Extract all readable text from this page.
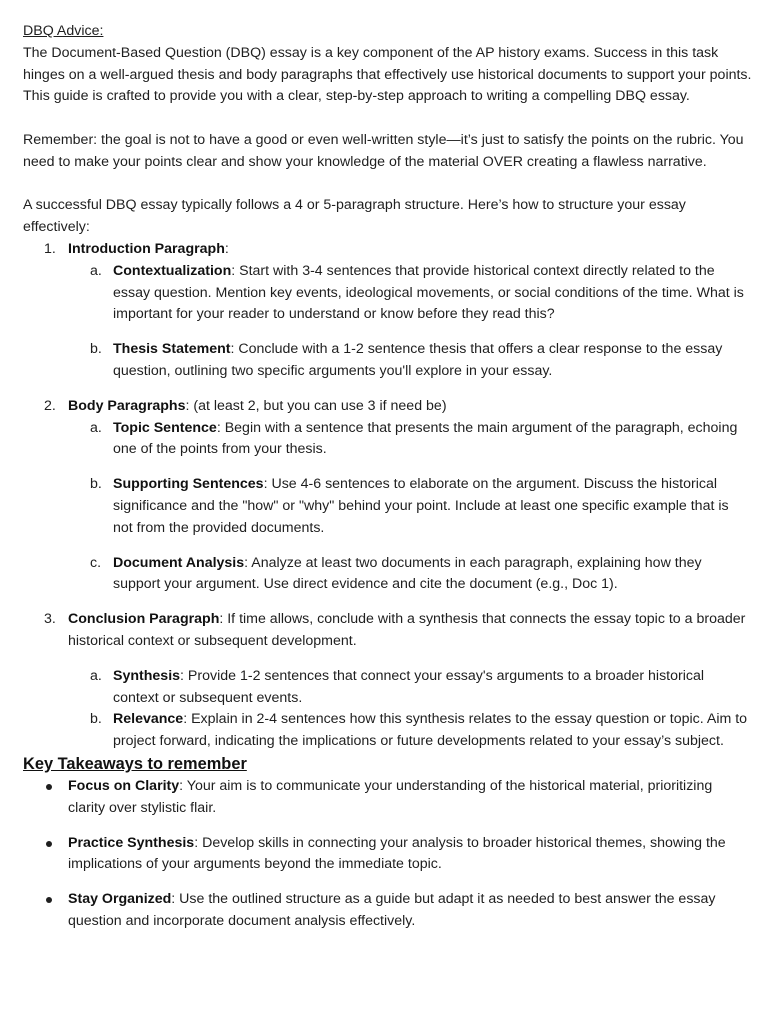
DBQ Advice:

The Document-Based Question (DBQ) essay is a key component of the AP history exams. Success in this task hinges on a well-argued thesis and body paragraphs that effectively use historical documents to support your points. This guide is crafted to provide you with a clear, step-by-step approach to writing a compelling DBQ essay.

Remember: the goal is not to have a good or even well-written style—it’s just to satisfy the points on the rubric. You need to make your points clear and show your knowledge of the material OVER creating a flawless narrative.

A successful DBQ essay typically follows a 4 or 5-paragraph structure. Here’s how to structure your essay effectively:

1. Introduction Paragraph:
a. Contextualization: Start with 3-4 sentences that provide historical context directly related to the essay question. Mention key events, ideological movements, or social conditions of the time. What is important for your reader to understand or know before they read this?
b. Thesis Statement: Conclude with a 1-2 sentence thesis that offers a clear response to the essay question, outlining two specific arguments you'll explore in your essay.
2. Body Paragraphs: (at least 2, but you can use 3 if need be)
a. Topic Sentence: Begin with a sentence that presents the main argument of the paragraph, echoing one of the points from your thesis.
b. Supporting Sentences: Use 4-6 sentences to elaborate on the argument. Discuss the historical significance and the "how" or "why" behind your point. Include at least one specific example that is not from the provided documents.
c. Document Analysis: Analyze at least two documents in each paragraph, explaining how they support your argument. Use direct evidence and cite the document (e.g., Doc 1).
3. Conclusion Paragraph: If time allows, conclude with a synthesis that connects the essay topic to a broader historical context or subsequent development.
a. Synthesis: Provide 1-2 sentences that connect your essay's arguments to a broader historical context or subsequent events.
b. Relevance: Explain in 2-4 sentences how this synthesis relates to the essay question or topic. Aim to project forward, indicating the implications or future developments related to your essay’s subject.
Key Takeaways to remember
Focus on Clarity: Your aim is to communicate your understanding of the historical material, prioritizing clarity over stylistic flair.
Practice Synthesis: Develop skills in connecting your analysis to broader historical themes, showing the implications of your arguments beyond the immediate topic.
Stay Organized: Use the outlined structure as a guide but adapt it as needed to best answer the essay question and incorporate document analysis effectively.
